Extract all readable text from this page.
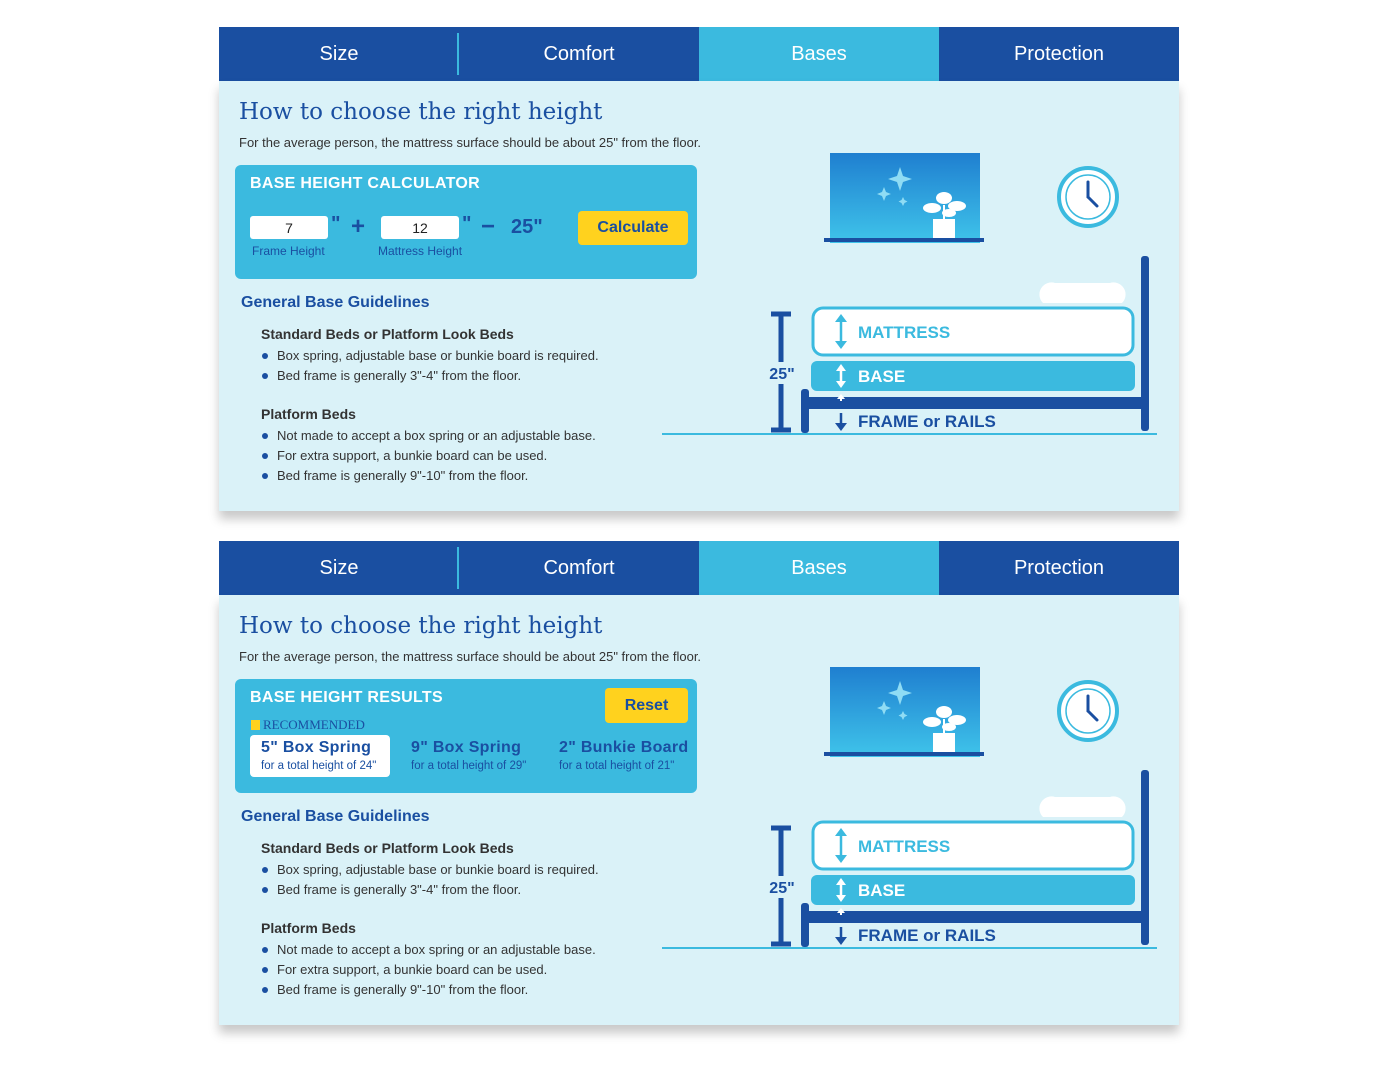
Size	Comfort	Bases	Protection
How to choose the right height
For the average person, the mattress surface should be about 25" from the floor.
BASE HEIGHT CALCULATOR
7
" +
12	" − 25"
Frame Height	Mattress Height
Calculate
General Base Guidelines
Standard Beds or Platform Look Beds
Box spring, adjustable base or bunkie board is required.
Bed frame is generally 3"-4" from the floor.
Platform Beds
Not made to accept a box spring or an adjustable base.
For extra support, a bunkie board can be used.
Bed frame is generally 9"-10" from the floor.
25"
MATTRESS
BASE
FRAME or RAILS
Size	Comfort	Bases	Protection
How to choose the right height
For the average person, the mattress surface should be about 25" from the floor.
BASE HEIGHT RESULTS	Reset
RECOMMENDED
5" Box Spring
for a total height of 24"
9" Box Spring
for a total height of 29"
2" Bunkie Board
for a total height of 21"
General Base Guidelines
Standard Beds or Platform Look Beds
Box spring, adjustable base or bunkie board is required.
Bed frame is generally 3"-4" from the floor.
Platform Beds
Not made to accept a box spring or an adjustable base.
For extra support, a bunkie board can be used.
Bed frame is generally 9"-10" from the floor.
25"
MATTRESS
BASE
FRAME or RAILS
